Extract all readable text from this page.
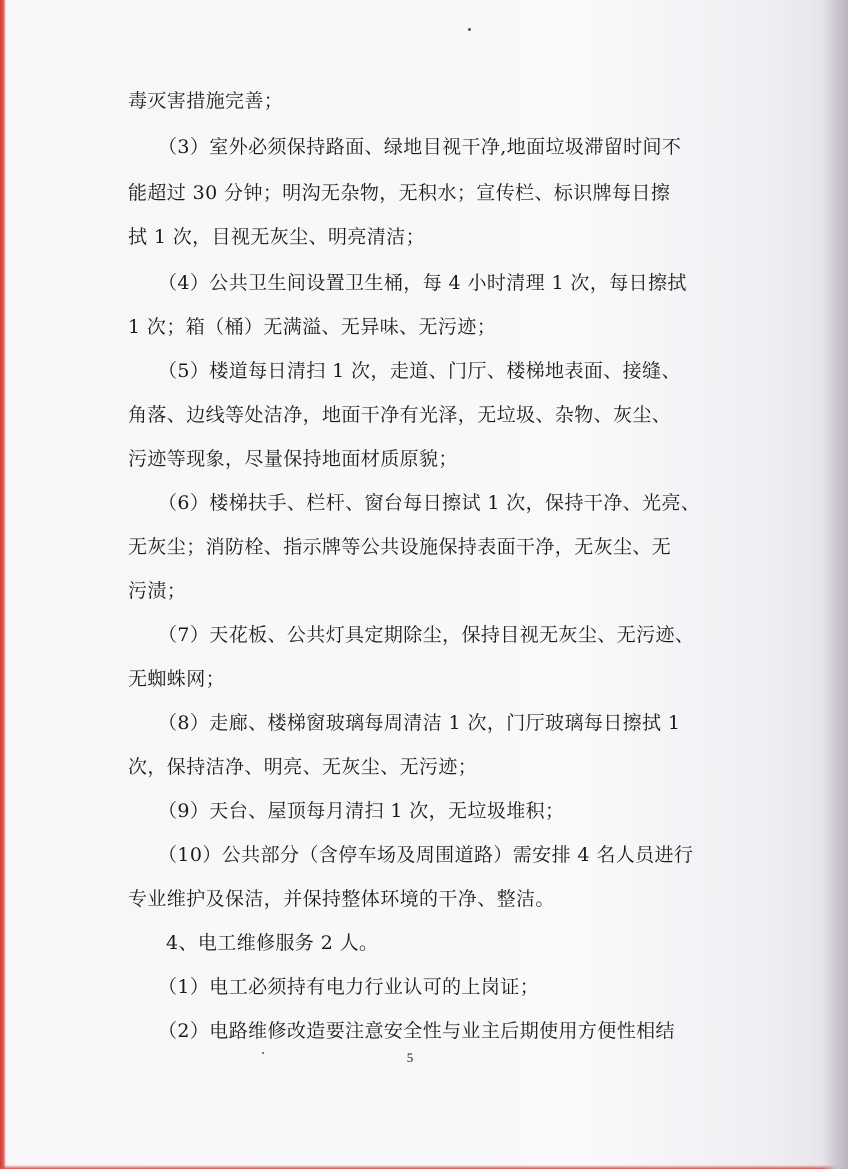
毒灭害措施完善；
（3）室外必须保持路面、绿地目视干净,地面垃圾滞留时间不
能超过 30 分钟；明沟无杂物，无积水；宣传栏、标识牌每日擦
拭 1 次，目视无灰尘、明亮清洁；
（4）公共卫生间设置卫生桶，每 4 小时清理 1 次，每日擦拭
1 次；箱（桶）无满溢、无异味、无污迹；
（5）楼道每日清扫 1 次，走道、门厅、楼梯地表面、接缝、
角落、边线等处洁净，地面干净有光泽，无垃圾、杂物、灰尘、
污迹等现象，尽量保持地面材质原貌；
（6）楼梯扶手、栏杆、窗台每日擦试 1 次，保持干净、光亮、
无灰尘；消防栓、指示牌等公共设施保持表面干净，无灰尘、无
污渍；
（7）天花板、公共灯具定期除尘，保持目视无灰尘、无污迹、
无蜘蛛网；
（8）走廊、楼梯窗玻璃每周清洁 1 次，门厅玻璃每日擦拭 1
次，保持洁净、明亮、无灰尘、无污迹；
（9）天台、屋顶每月清扫 1 次，无垃圾堆积；
（10）公共部分（含停车场及周围道路）需安排 4 名人员进行
专业维护及保洁，并保持整体环境的干净、整洁。
4、电工维修服务 2 人。
（1）电工必须持有电力行业认可的上岗证；
（2）电路维修改造要注意安全性与业主后期使用方便性相结
5
